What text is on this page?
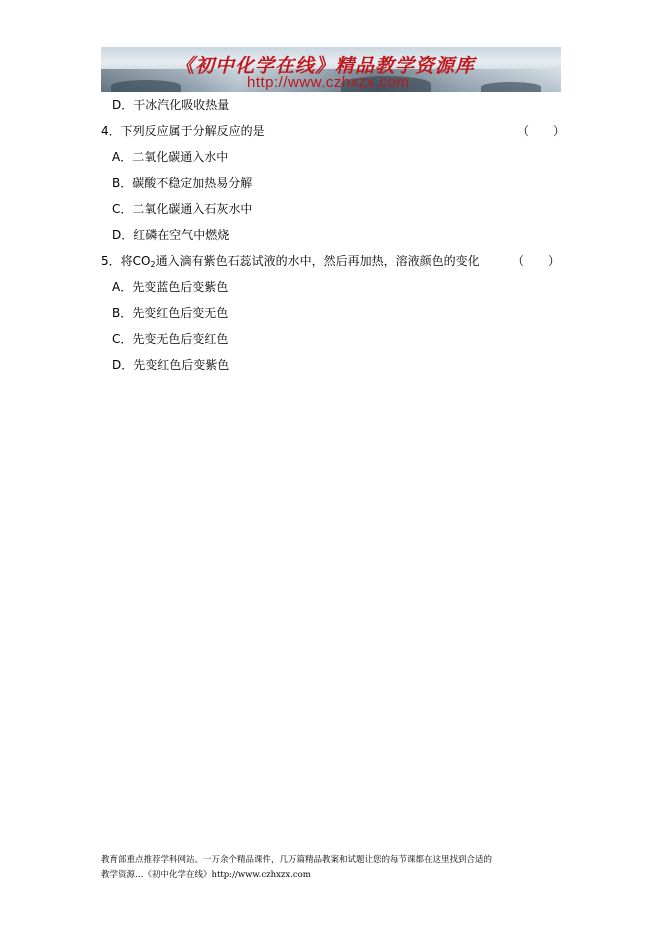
《初中化学在线》精品教学资源库
http://www.czhxzx.com
D．干冰汽化吸收热量
4．下列反应属于分解反应的是	（　　）
A．二氧化碳通入水中
B．碳酸不稳定加热易分解
C．二氧化碳通入石灰水中
D．红磷在空气中燃烧
5．将$CO_2$通入滴有紫色石蕊试液的水中，然后再加热，溶液颜色的变化	（　　）
A．先变蓝色后变紫色
B．先变红色后变无色
C．先变无色后变红色
D．先变红色后变紫色
教育部重点推荐学科网站。一万余个精品课件，几万篇精品教案和试题让您的每节课都在这里找到合适的
教学资源…《初中化学在线》http://www.czhxzx.com
